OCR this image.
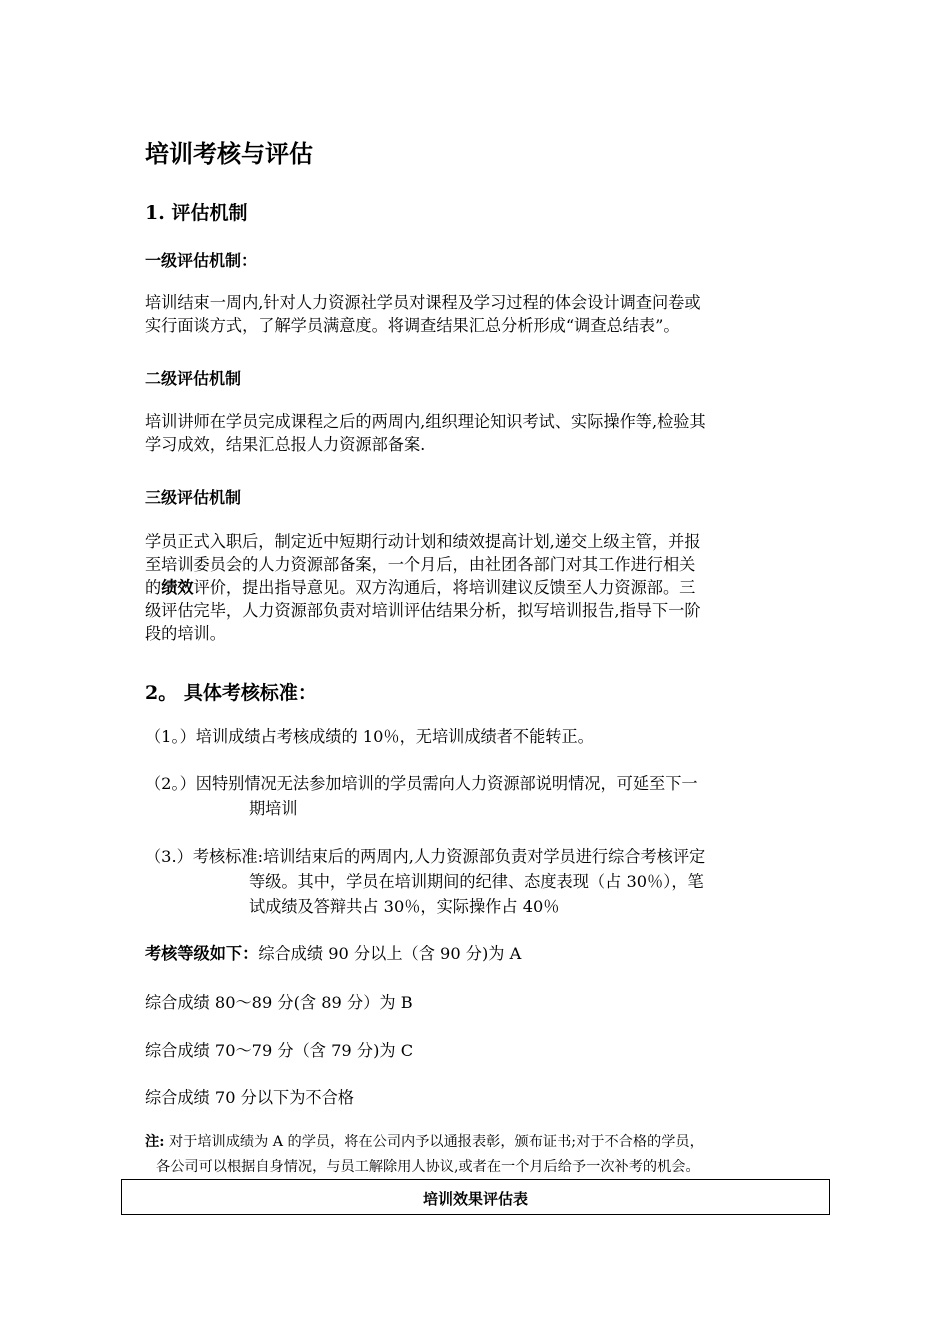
培训考核与评估
1. 评估机制
一级评估机制：
培训结束一周内,针对人力资源社学员对课程及学习过程的体会设计调查问卷或
实行面谈方式，了解学员满意度。将调查结果汇总分析形成“调查总结表”。
二级评估机制
培训讲师在学员完成课程之后的两周内,组织理论知识考试、实际操作等,检验其
学习成效，结果汇总报人力资源部备案.
三级评估机制
学员正式入职后，制定近中短期行动计划和绩效提高计划,递交上级主管，并报
至培训委员会的人力资源部备案，一个月后，由社团各部门对其工作进行相关
的绩效评价，提出指导意见。双方沟通后，将培训建议反馈至人力资源部。三
级评估完毕，人力资源部负责对培训评估结果分析，拟写培训报告,指导下一阶
段的培训。
2。 具体考核标准：
（1。）培训成绩占考核成绩的 10％，无培训成绩者不能转正。
（2。）因特别情况无法参加培训的学员需向人力资源部说明情况，可延至下一
期培训
（3.）考核标准:培训结束后的两周内,人力资源部负责对学员进行综合考核评定
等级。其中，学员在培训期间的纪律、态度表现（占 30％），笔
试成绩及答辩共占 30％，实际操作占 40％
考核等级如下：综合成绩 90 分以上（含 90 分)为 A
综合成绩 80～89 分(含 89 分）为 B
综合成绩 70～79 分（含 79 分)为 C
综合成绩 70 分以下为不合格
注: 对于培训成绩为 A 的学员，将在公司内予以通报表彰，颁布证书;对于不合格的学员，
各公司可以根据自身情况，与员工解除用人协议,或者在一个月后给予一次补考的机会。
培训效果评估表
